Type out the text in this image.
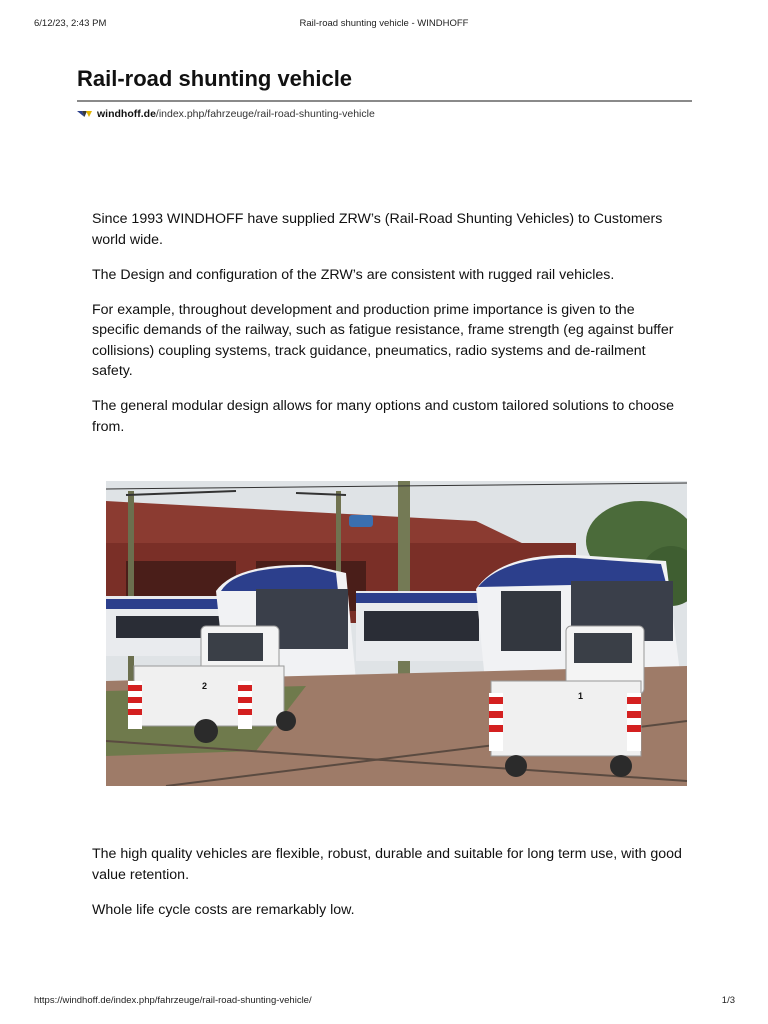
6/12/23, 2:43 PM	Rail-road shunting vehicle - WINDHOFF
Rail-road shunting vehicle
windhoff.de/index.php/fahrzeuge/rail-road-shunting-vehicle

Since 1993 WINDHOFF have supplied ZRW’s (Rail-Road Shunting Vehicles) to Customers world wide.

The Design and configuration of the ZRW’s are consistent with rugged rail vehicles.

For example, throughout development and production prime importance is given to the specific demands of the railway, such as fatigue resistance, frame strength (eg against buffer collisions) coupling systems, track guidance, pneumatics, radio systems and de-railment safety.

The general modular design allows for many options and custom tailored solutions to choose from.

2
1

The high quality vehicles are flexible, robust, durable and suitable for long term use, with good value retention.

Whole life cycle costs are remarkably low.

https://windhoff.de/index.php/fahrzeuge/rail-road-shunting-vehicle/	1/3
